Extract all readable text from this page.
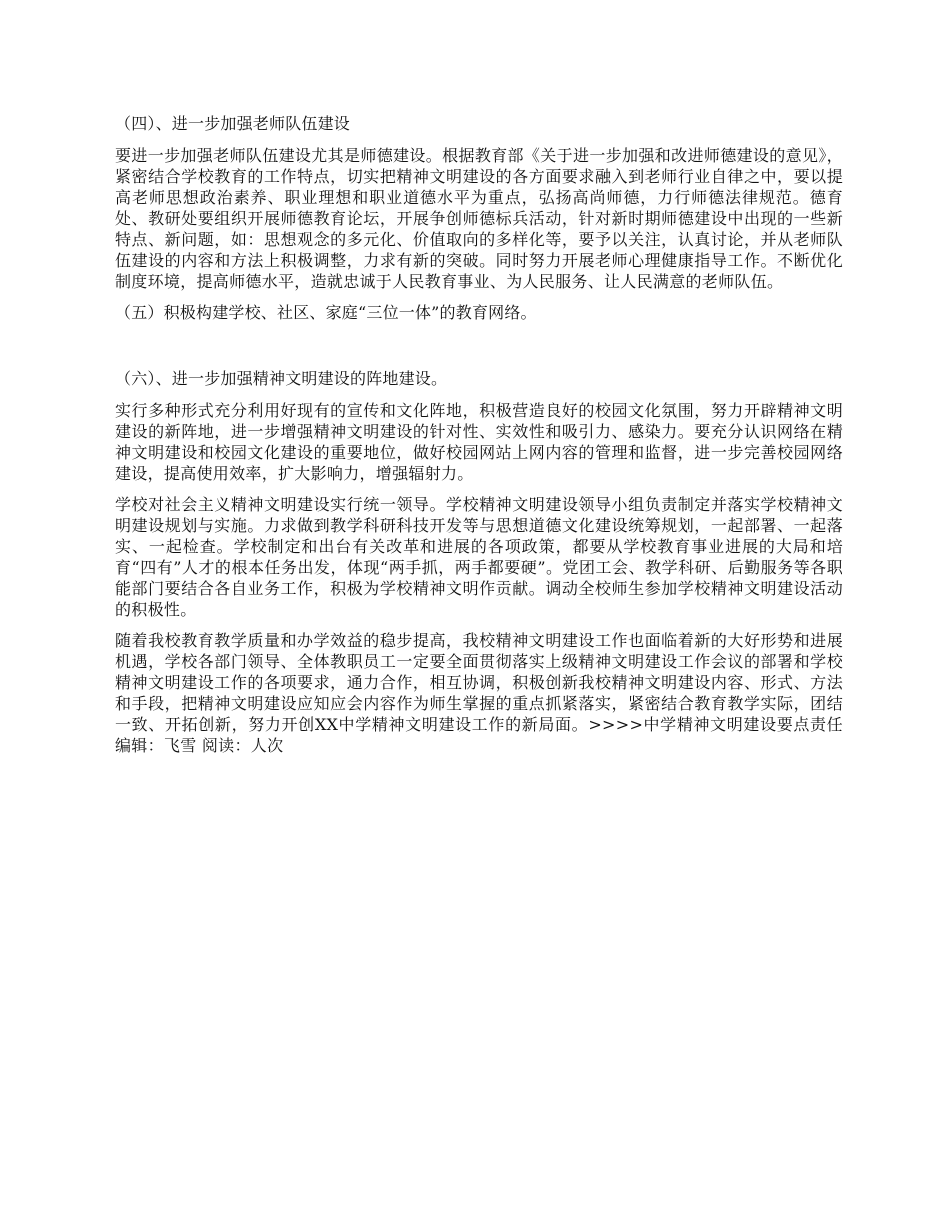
（四）、进一步加强老师队伍建设

要进一步加强老师队伍建设尤其是师德建设。根据教育部《关于进一步加强和改进师德建设的意见》，紧密结合学校教育的工作特点，切实把精神文明建设的各方面要求融入到老师行业自律之中，要以提高老师思想政治素养、职业理想和职业道德水平为重点，弘扬高尚师德，力行师德法律规范。德育处、教研处要组织开展师德教育论坛，开展争创师德标兵活动，针对新时期师德建设中出现的一些新特点、新问题，如：思想观念的多元化、价值取向的多样化等，要予以关注，认真讨论，并从老师队伍建设的内容和方法上积极调整，力求有新的突破。同时努力开展老师心理健康指导工作。不断优化制度环境，提高师德水平，造就忠诚于人民教育事业、为人民服务、让人民满意的老师队伍。

（五）积极构建学校、社区、家庭“三位一体”的教育网络。

（六）、进一步加强精神文明建设的阵地建设。

实行多种形式充分利用好现有的宣传和文化阵地，积极营造良好的校园文化氛围，努力开辟精神文明建设的新阵地，进一步增强精神文明建设的针对性、实效性和吸引力、感染力。要充分认识网络在精神文明建设和校园文化建设的重要地位，做好校园网站上网内容的管理和监督，进一步完善校园网络建设，提高使用效率，扩大影响力，增强辐射力。

学校对社会主义精神文明建设实行统一领导。学校精神文明建设领导小组负责制定并落实学校精神文明建设规划与实施。力求做到教学科研科技开发等与思想道德文化建设统筹规划，一起部署、一起落实、一起检查。学校制定和出台有关改革和进展的各项政策，都要从学校教育事业进展的大局和培育“四有”人才的根本任务出发，体现“两手抓，两手都要硬”。党团工会、教学科研、后勤服务等各职能部门要结合各自业务工作，积极为学校精神文明作贡献。调动全校师生参加学校精神文明建设活动的积极性。

随着我校教育教学质量和办学效益的稳步提高，我校精神文明建设工作也面临着新的大好形势和进展机遇，学校各部门领导、全体教职员工一定要全面贯彻落实上级精神文明建设工作会议的部署和学校精神文明建设工作的各项要求，通力合作，相互协调，积极创新我校精神文明建设内容、形式、方法和手段，把精神文明建设应知应会内容作为师生掌握的重点抓紧落实，紧密结合教育教学实际，团结一致、开拓创新，努力开创XX中学精神文明建设工作的新局面。>>>>中学精神文明建设要点责任编辑：飞雪 阅读：人次
